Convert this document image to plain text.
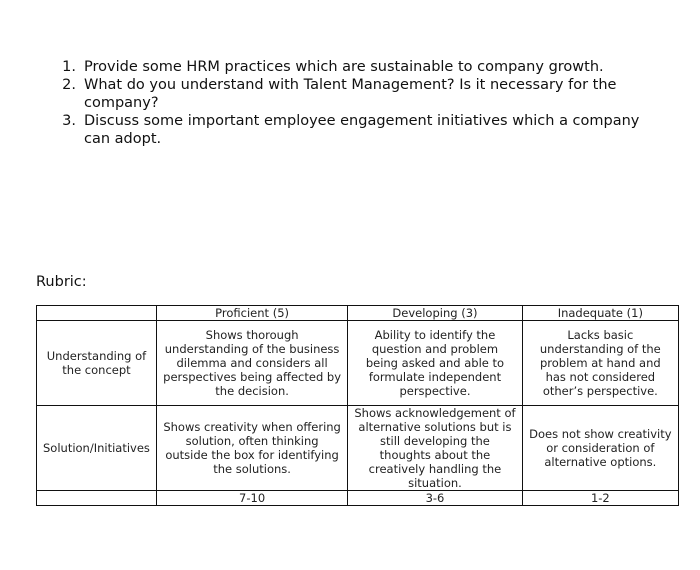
1. Provide some HRM practices which are sustainable to company growth.
2. What do you understand with Talent Management? Is it necessary for the company?
3. Discuss some important employee engagement initiatives which a company can adopt.
Rubric:
	Proficient (5)	Developing (3)	Inadequate (1)
Understanding of the concept	Shows thorough understanding of the business dilemma and considers all perspectives being affected by the decision.	Ability to identify the question and problem being asked and able to formulate independent perspective.	Lacks basic understanding of the problem at hand and has not considered other’s perspective.
Solution/Initiatives	Shows creativity when offering solution, often thinking outside the box for identifying the solutions.	Shows acknowledgement of alternative solutions but is still developing the thoughts about the creatively handling the situation.	Does not show creativity or consideration of alternative options.
	7-10	3-6	1-2
